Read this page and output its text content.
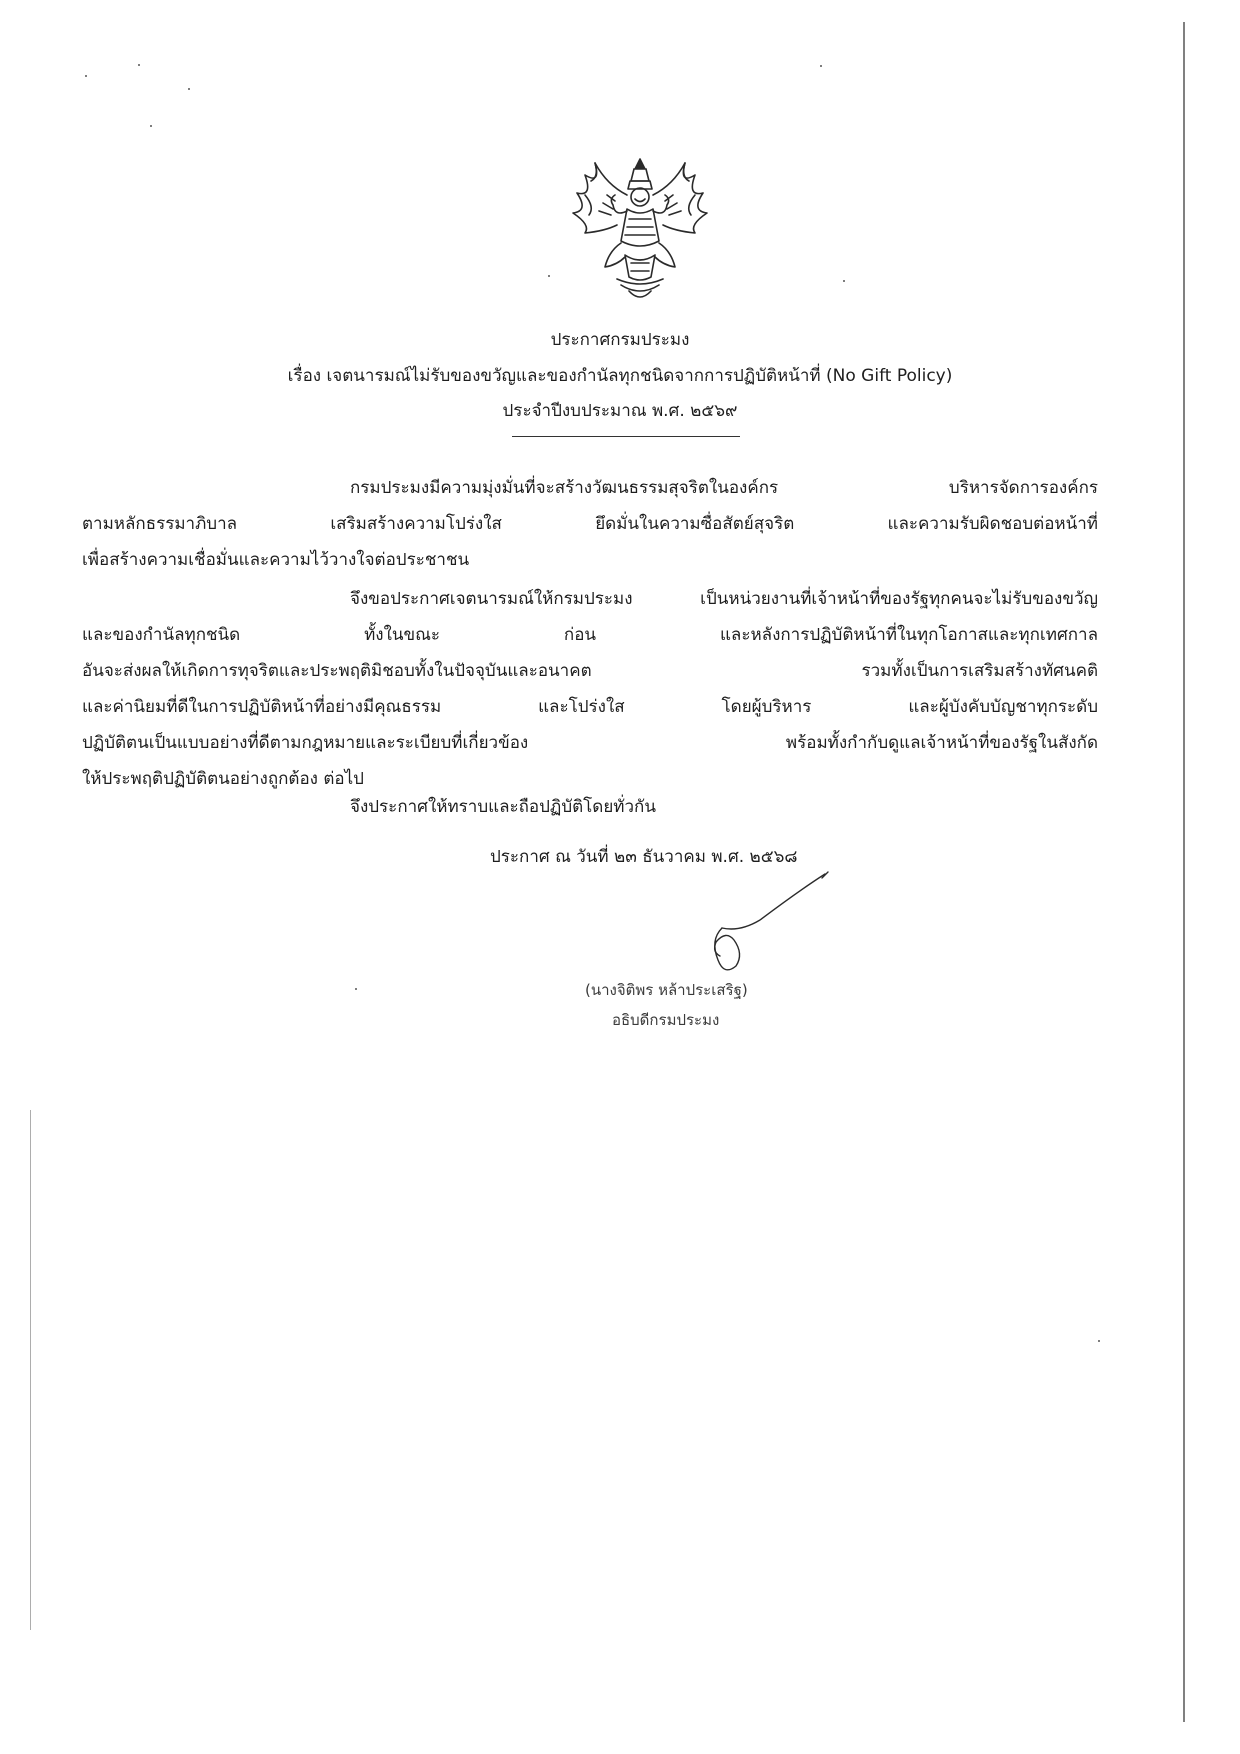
ประกาศกรมประมง
เรื่อง เจตนารมณ์ไม่รับของขวัญและของกำนัลทุกชนิดจากการปฏิบัติหน้าที่ (No Gift Policy)
ประจำปีงบประมาณ พ.ศ. ๒๕๖๙
กรมประมงมีความมุ่งมั่นที่จะสร้างวัฒนธรรมสุจริตในองค์กร บริหารจัดการองค์กร
ตามหลักธรรมาภิบาล เสริมสร้างความโปร่งใส ยึดมั่นในความซื่อสัตย์สุจริต และความรับผิดชอบต่อหน้าที่
เพื่อสร้างความเชื่อมั่นและความไว้วางใจต่อประชาชน
จึงขอประกาศเจตนารมณ์ให้กรมประมง เป็นหน่วยงานที่เจ้าหน้าที่ของรัฐทุกคนจะไม่รับของขวัญ
และของกำนัลทุกชนิด ทั้งในขณะ ก่อน และหลังการปฏิบัติหน้าที่ในทุกโอกาสและทุกเทศกาล
อันจะส่งผลให้เกิดการทุจริตและประพฤติมิชอบทั้งในปัจจุบันและอนาคต รวมทั้งเป็นการเสริมสร้างทัศนคติ
และค่านิยมที่ดีในการปฏิบัติหน้าที่อย่างมีคุณธรรม และโปร่งใส โดยผู้บริหาร และผู้บังคับบัญชาทุกระดับ
ปฏิบัติตนเป็นแบบอย่างที่ดีตามกฎหมายและระเบียบที่เกี่ยวข้อง พร้อมทั้งกำกับดูแลเจ้าหน้าที่ของรัฐในสังกัด
ให้ประพฤติปฏิบัติตนอย่างถูกต้อง ต่อไป
จึงประกาศให้ทราบและถือปฏิบัติโดยทั่วกัน
ประกาศ ณ วันที่ ๒๓ ธันวาคม พ.ศ. ๒๕๖๘
(นางจิติพร หล้าประเสริฐ)
อธิบดีกรมประมง
